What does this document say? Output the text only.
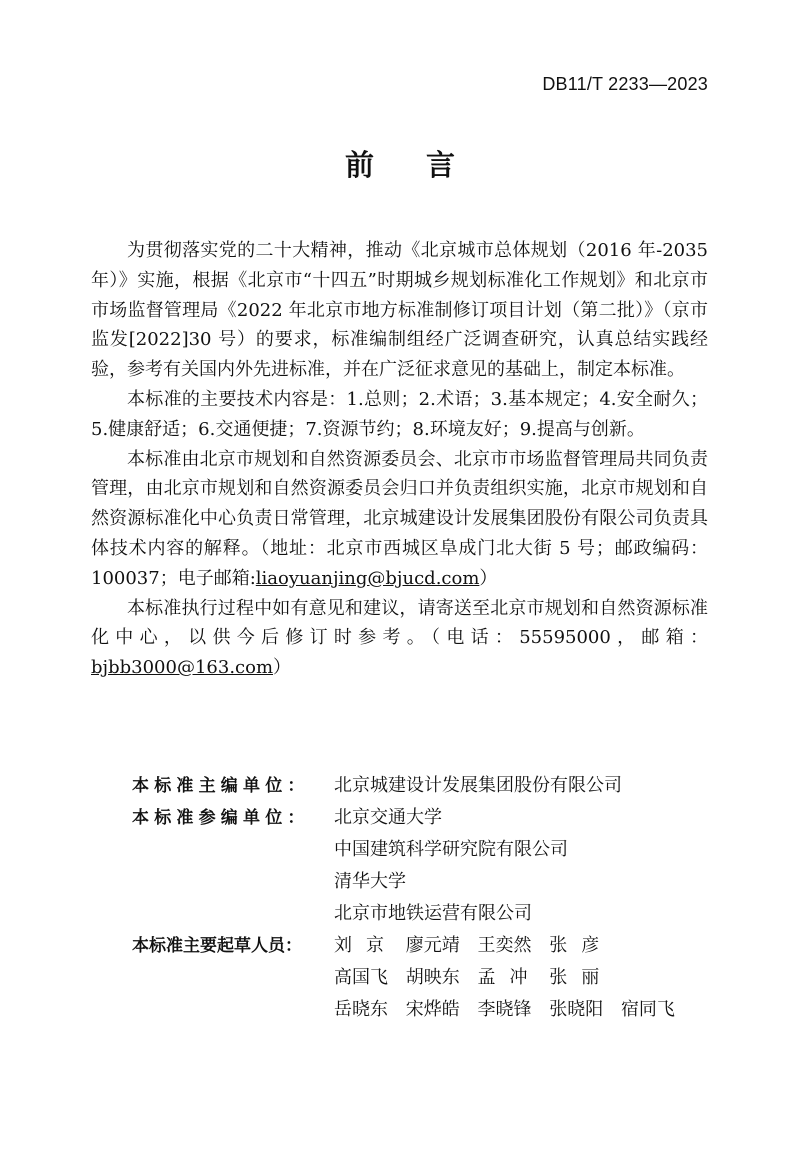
DB11/T 2233—2023
前言

为贯彻落实党的二十大精神，推动《北京城市总体规划（2016 年-2035 年）》实施，根据《北京市“十四五”时期城乡规划标准化工作规划》和北京市市场监督管理局《2022 年北京市地方标准制修订项目计划（第二批）》（京市监发[2022]30 号）的要求，标准编制组经广泛调查研究，认真总结实践经验，参考有关国内外先进标准，并在广泛征求意见的基础上，制定本标准。

本标准的主要技术内容是：1.总则；2.术语；3.基本规定；4.安全耐久；5.健康舒适；6.交通便捷；7.资源节约；8.环境友好；9.提高与创新。

本标准由北京市规划和自然资源委员会、北京市市场监督管理局共同负责管理，由北京市规划和自然资源委员会归口并负责组织实施，北京市规划和自然资源标准化中心负责日常管理，北京城建设计发展集团股份有限公司负责具体技术内容的解释。（地址：北京市西城区阜成门北大街 5 号；邮政编码：100037；电子邮箱:liaoyuanjing@bjucd.com）

本标准执行过程中如有意见和建议，请寄送至北京市规划和自然资源标准化中心，以供今后修订时参考。（电话：55595000，邮箱：bjbb3000@163.com）

本标准主编单位：	北京城建设计发展集团股份有限公司
本标准参编单位：	北京交通大学
中国建筑科学研究院有限公司
清华大学
北京市地铁运营有限公司
本标准主要起草人员：	刘京 廖元靖 王奕然 张彦
高国飞 胡映东 孟冲 张丽
岳晓东 宋烨皓 李晓锋 张晓阳 宿同飞
